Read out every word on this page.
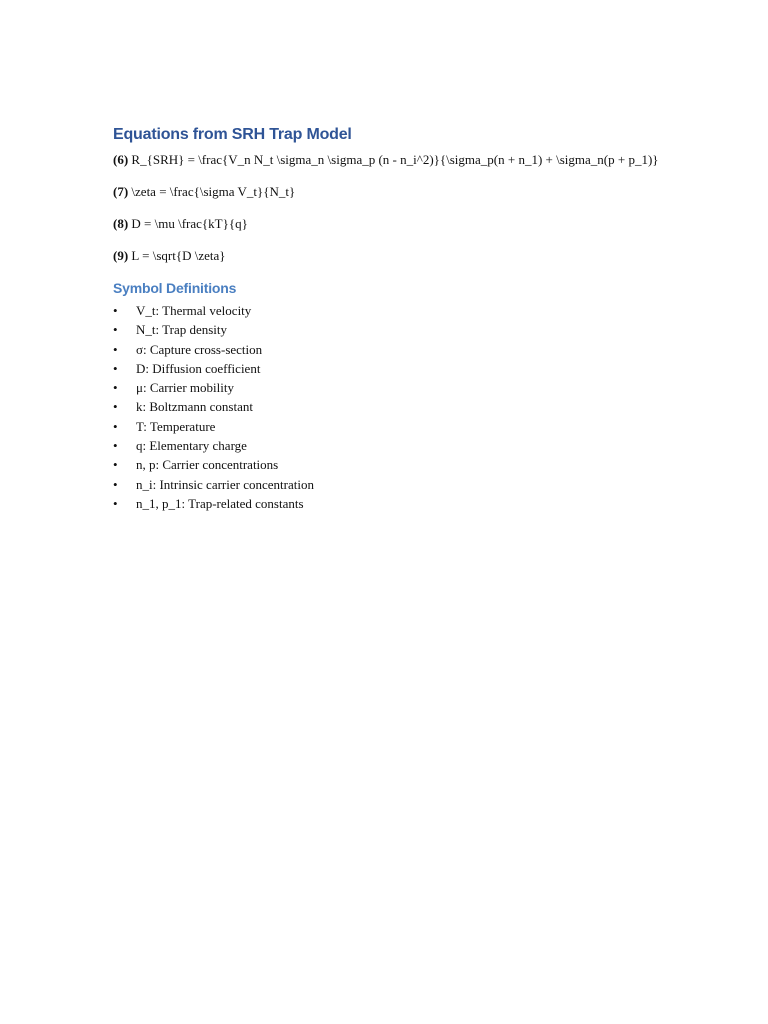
Equations from SRH Trap Model

(6) R_{SRH} = \frac{V_n N_t \sigma_n \sigma_p (n - n_i^2)}{\sigma_p(n + n_1) + \sigma_n(p + p_1)}

(7) \zeta = \frac{\sigma V_t}{N_t}

(8) D = \mu \frac{kT}{q}

(9) L = \sqrt{D \zeta}

Symbol Definitions
• V_t: Thermal velocity
• N_t: Trap density
• σ: Capture cross-section
• D: Diffusion coefficient
• μ: Carrier mobility
• k: Boltzmann constant
• T: Temperature
• q: Elementary charge
• n, p: Carrier concentrations
• n_i: Intrinsic carrier concentration
• n_1, p_1: Trap-related constants
